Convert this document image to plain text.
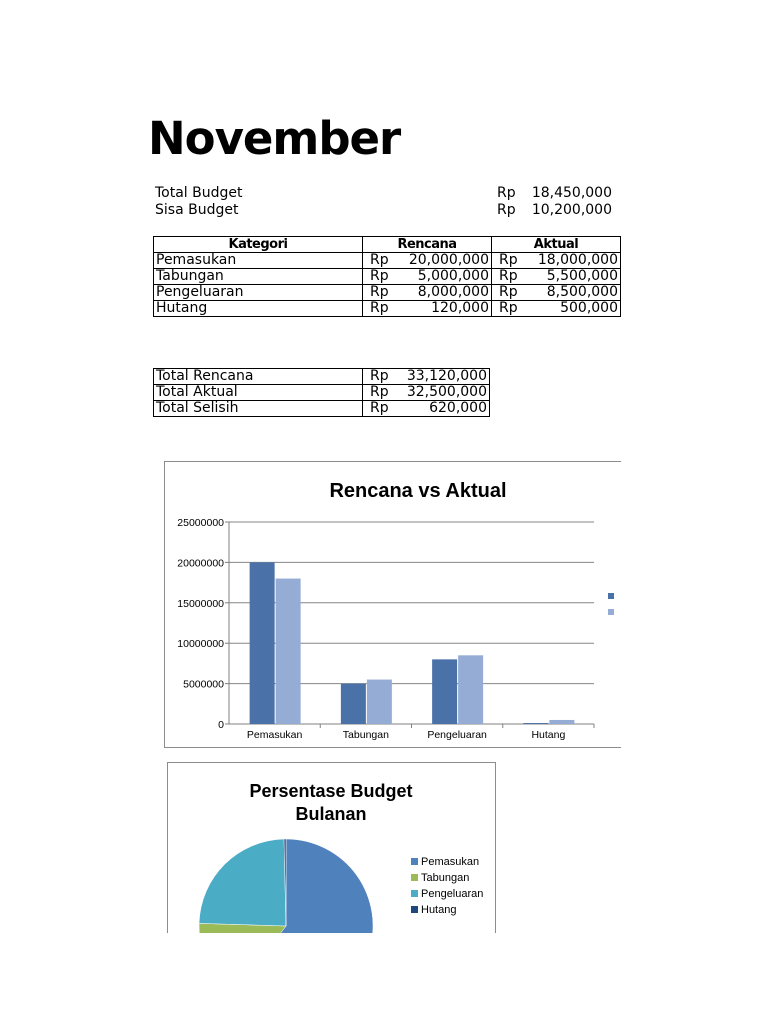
November
Total Budget	Rp 18,450,000
Sisa Budget	Rp 10,200,000
Kategori	Rencana	Aktual
Pemasukan	Rp 20,000,000	Rp 18,000,000

Tabungan	Rp 5,000,000	Rp 5,500,000

Pengeluaran	Rp 8,000,000	Rp 8,500,000

Hutang	Rp 120,000	Rp 500,000
Total Rencana	Rp 33,120,000

Total Aktual	Rp 32,500,000

Total Selisih	Rp 620,000
Rencana vs Aktual
0
5000000
10000000
15000000
20000000
25000000
Pemasukan	Tabungan	Pengeluaran	Hutang
Persentase Budget
Bulanan
Pemasukan
Tabungan
Pengeluaran
Hutang
